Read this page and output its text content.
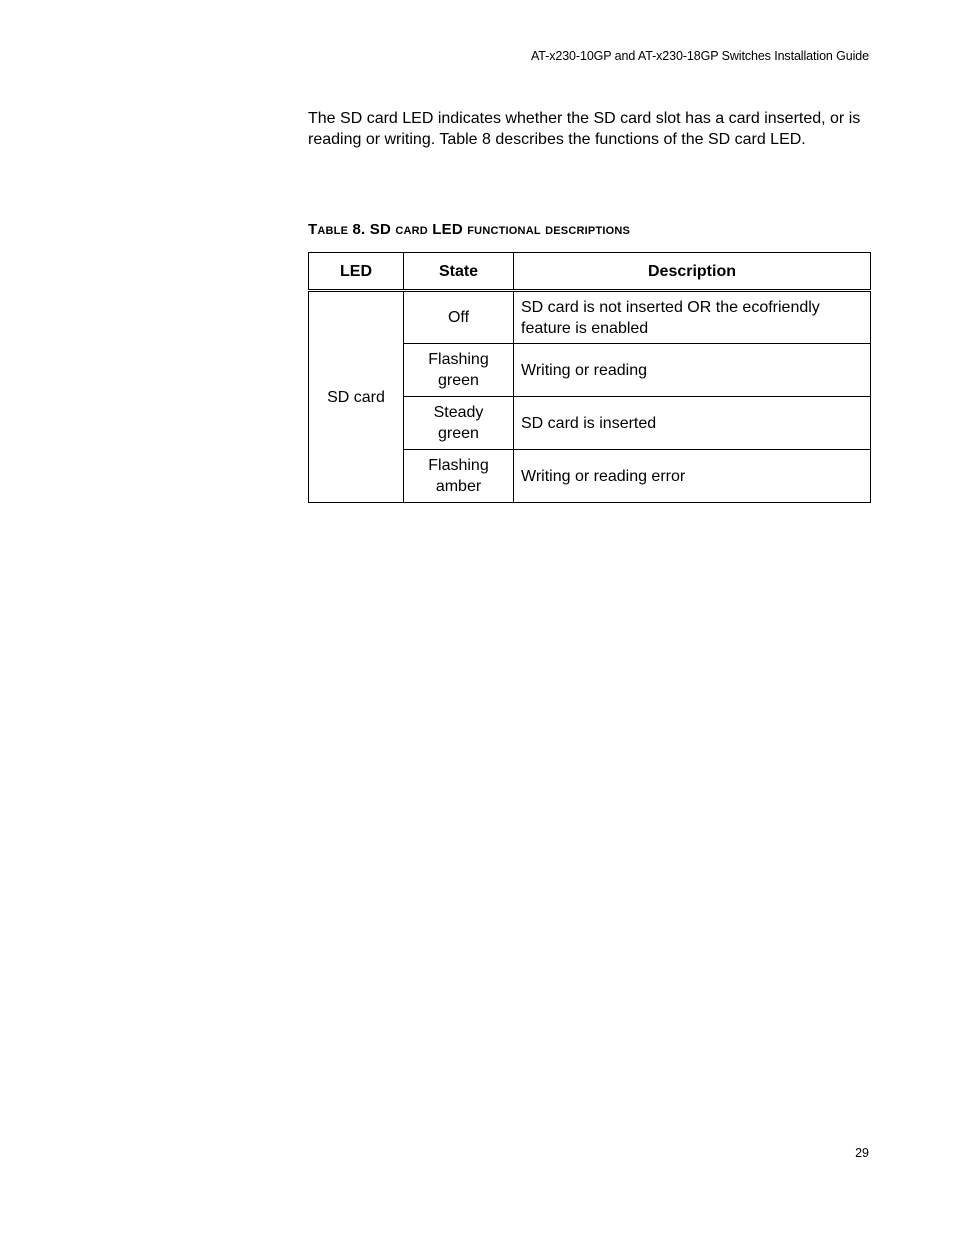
AT-x230-10GP and AT-x230-18GP Switches Installation Guide

The SD card LED indicates whether the SD card slot has a card inserted, or is reading or writing. Table 8 describes the functions of the SD card LED.

Table 8. SD card LED functional descriptions
LED	State	Description
SD card	Off	SD card is not inserted OR the ecofriendly feature is enabled
	Flashing green	Writing or reading
	Steady green	SD card is inserted
	Flashing amber	Writing or reading error
29
